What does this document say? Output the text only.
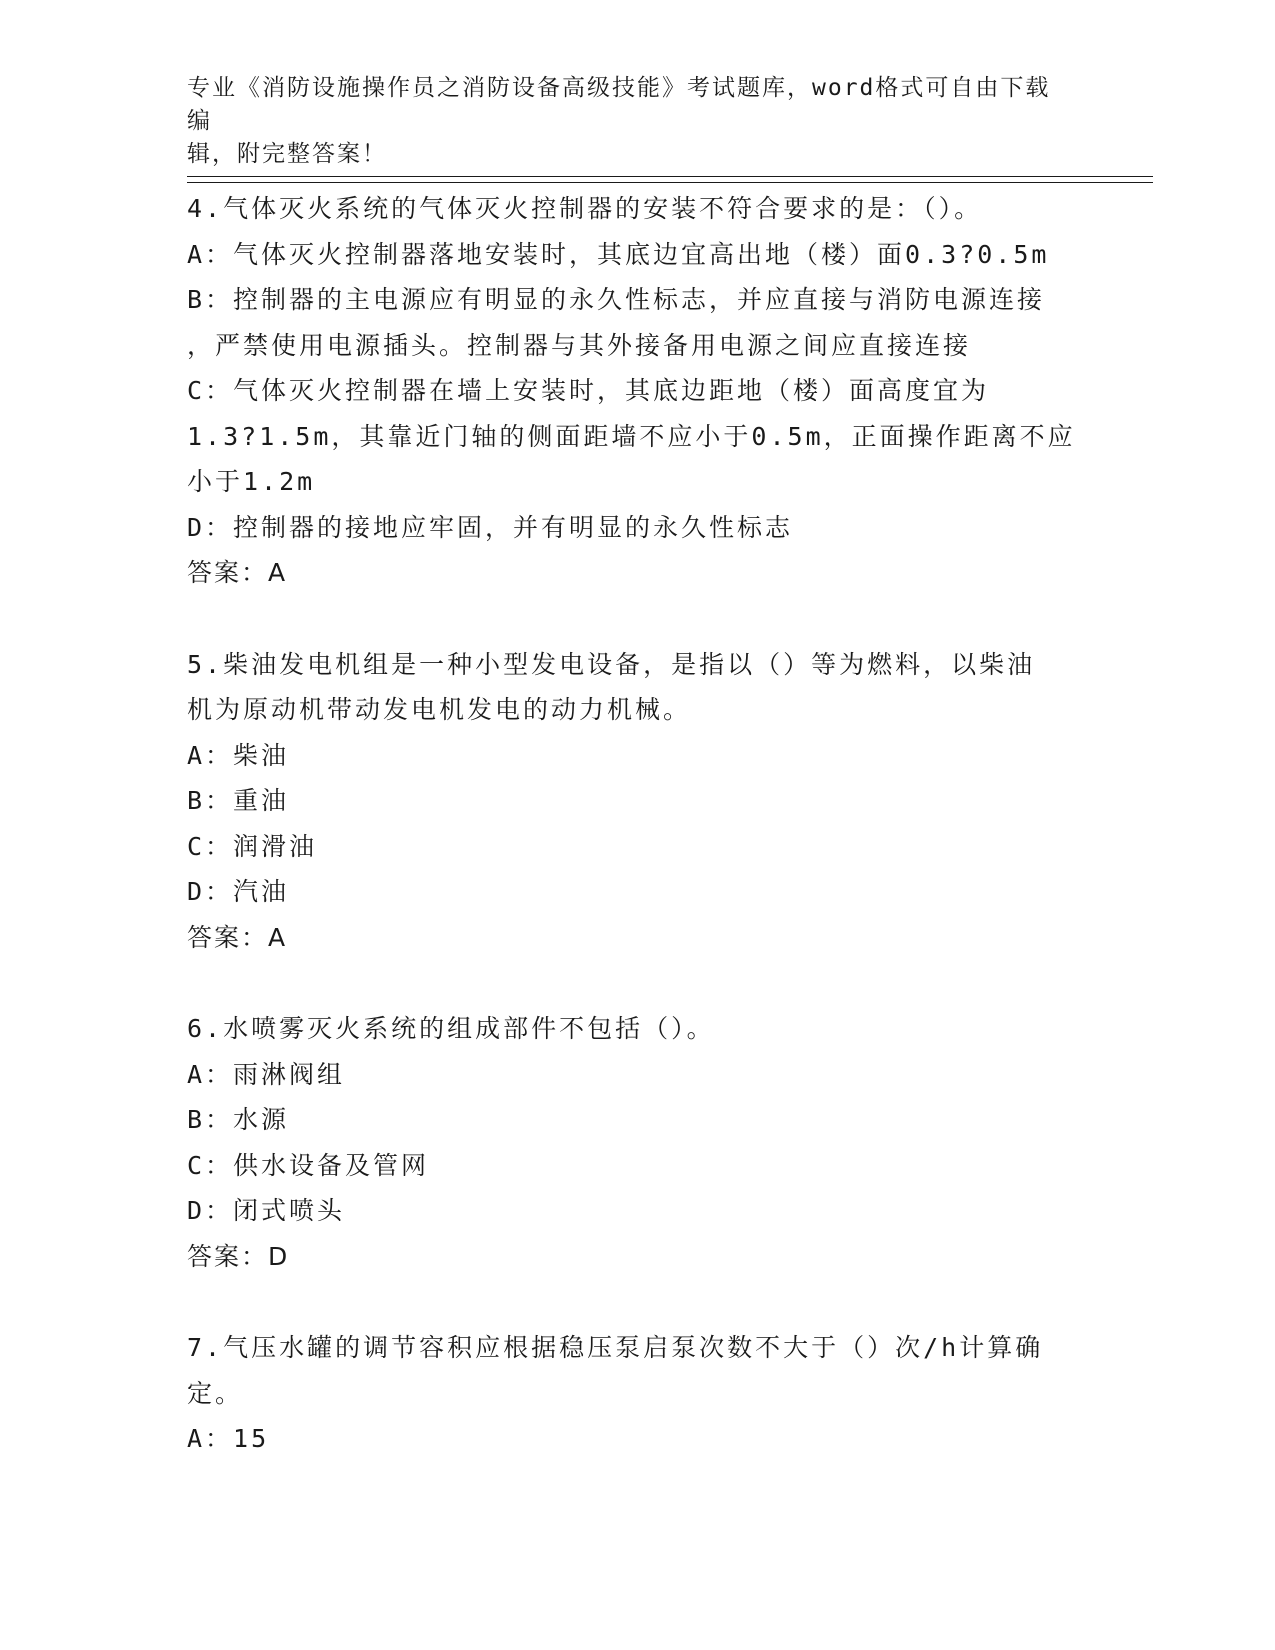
专业《消防设施操作员之消防设备高级技能》考试题库，word格式可自由下载编
辑，附完整答案！
4.气体灭火系统的气体灭火控制器的安装不符合要求的是：（）。
A：气体灭火控制器落地安装时，其底边宜高出地（楼）面0.3?0.5m
B：控制器的主电源应有明显的永久性标志，并应直接与消防电源连接
，严禁使用电源插头。控制器与其外接备用电源之间应直接连接
C：气体灭火控制器在墙上安装时，其底边距地（楼）面高度宜为
1.3?1.5m，其靠近门轴的侧面距墙不应小于0.5m，正面操作距离不应
小于1.2m
D：控制器的接地应牢固，并有明显的永久性标志
答案：A
5.柴油发电机组是一种小型发电设备，是指以（）等为燃料，以柴油
机为原动机带动发电机发电的动力机械。
A：柴油
B：重油
C：润滑油
D：汽油
答案：A
6.水喷雾灭火系统的组成部件不包括（）。
A：雨淋阀组
B：水源
C：供水设备及管网
D：闭式喷头
答案：D
7.气压水罐的调节容积应根据稳压泵启泵次数不大于（）次/h计算确
定。
A：15
